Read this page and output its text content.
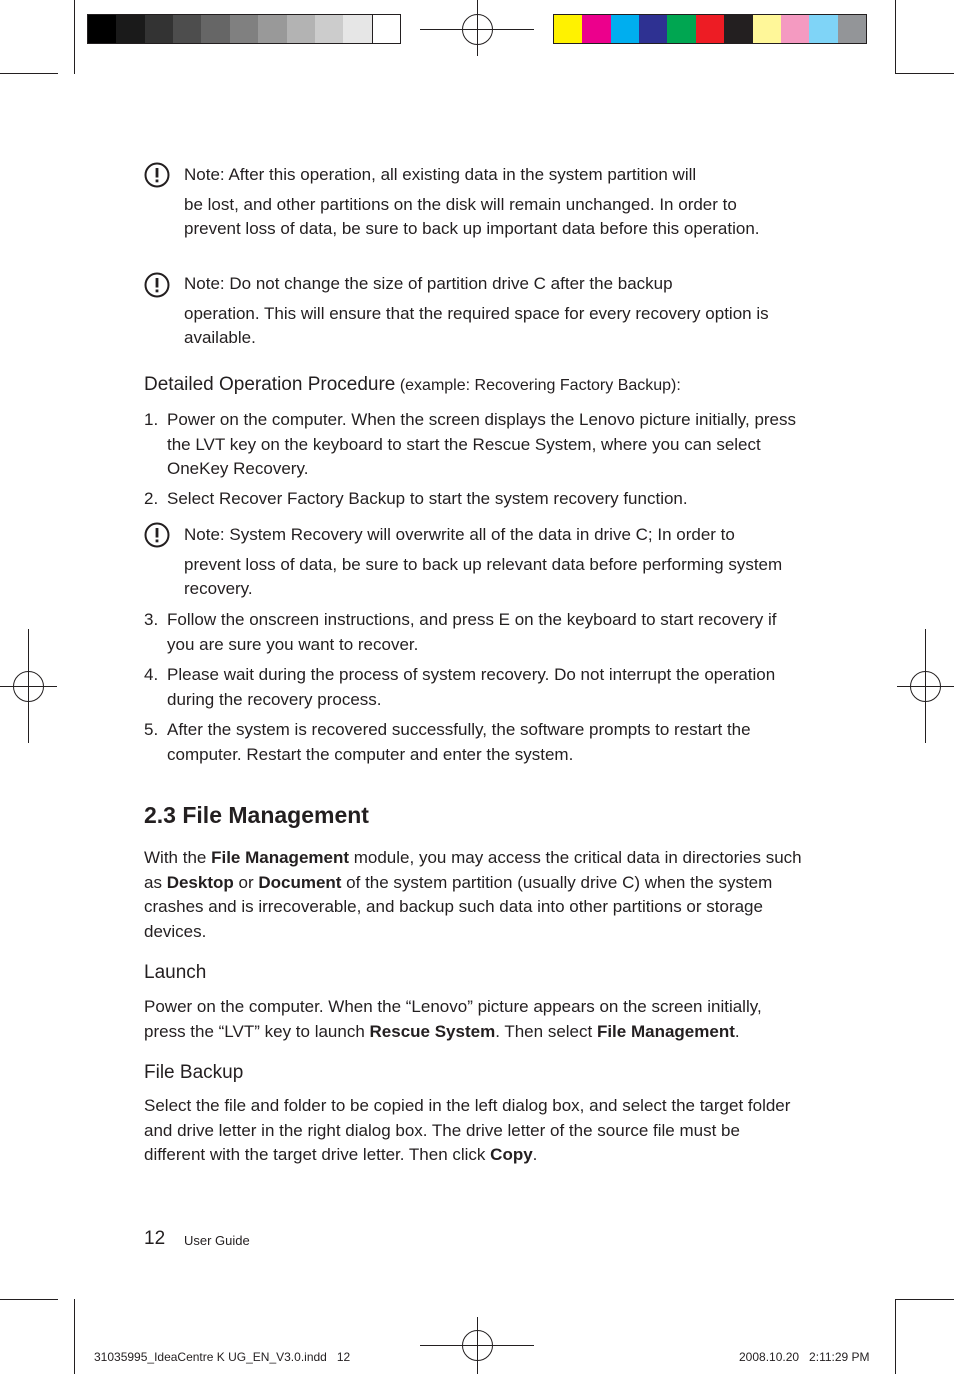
Note: After this operation, all existing data in the system partition will
be lost, and other partitions on the disk will remain unchanged. In order to prevent loss of data, be sure to back up important data before this operation.
Note: Do not change the size of partition drive C after the backup
operation. This will ensure that the required space for every recovery option is available.
Detailed Operation Procedure (example: Recovering Factory Backup):
1. Power on the computer. When the screen displays the Lenovo picture initially, press the LVT key on the keyboard to start the Rescue System, where you can select OneKey Recovery.
2. Select Recover Factory Backup to start the system recovery function.
Note: System Recovery will overwrite all of the data in drive C; In order to
prevent loss of data, be sure to back up relevant data before performing system recovery.
3. Follow the onscreen instructions, and press E on the keyboard to start recovery if you are sure you want to recover.
4. Please wait during the process of system recovery. Do not interrupt the operation during the recovery process.
5. After the system is recovered successfully, the software prompts to restart the computer. Restart the computer and enter the system.
2.3 File Management
With the File Management module, you may access the critical data in directories such as Desktop or Document of the system partition (usually drive C) when the system crashes and is irrecoverable, and backup such data into other partitions or storage devices.
Launch
Power on the computer. When the “Lenovo” picture appears on the screen initially, press the “LVT” key to launch Rescue System. Then select File Management.
File Backup
Select the file and folder to be copied in the left dialog box, and select the target folder and drive letter in the right dialog box. The drive letter of the source file must be different with the target drive letter. Then click Copy.
12 User Guide
31035995_IdeaCentre K UG_EN_V3.0.indd   12	2008.10.20   2:11:29 PM
